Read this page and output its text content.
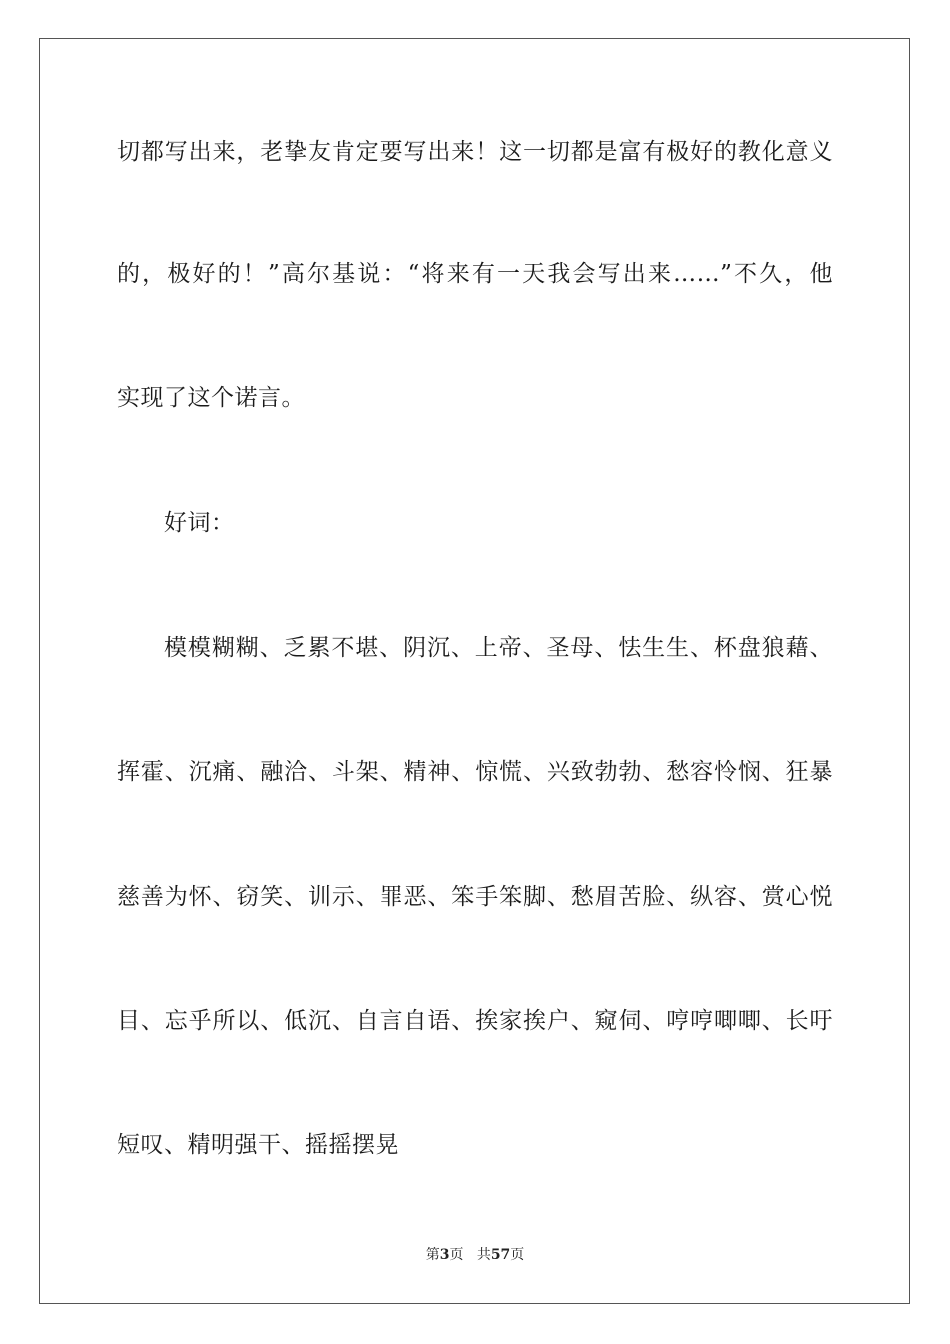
切都写出来，老挚友肯定要写出来！这一切都是富有极好的教化意义
的，极好的！”高尔基说：“将来有一天我会写出来……”不久，他
实现了这个诺言。
好词：
模模糊糊、乏累不堪、阴沉、上帝、圣母、怯生生、杯盘狼藉、
挥霍、沉痛、融洽、斗架、精神、惊慌、兴致勃勃、愁容怜悯、狂暴
慈善为怀、窃笑、训示、罪恶、笨手笨脚、愁眉苦脸、纵容、赏心悦
目、忘乎所以、低沉、自言自语、挨家挨户、窥伺、哼哼唧唧、长吁
短叹、精明强干、摇摇摆晃
第3页 共57页
